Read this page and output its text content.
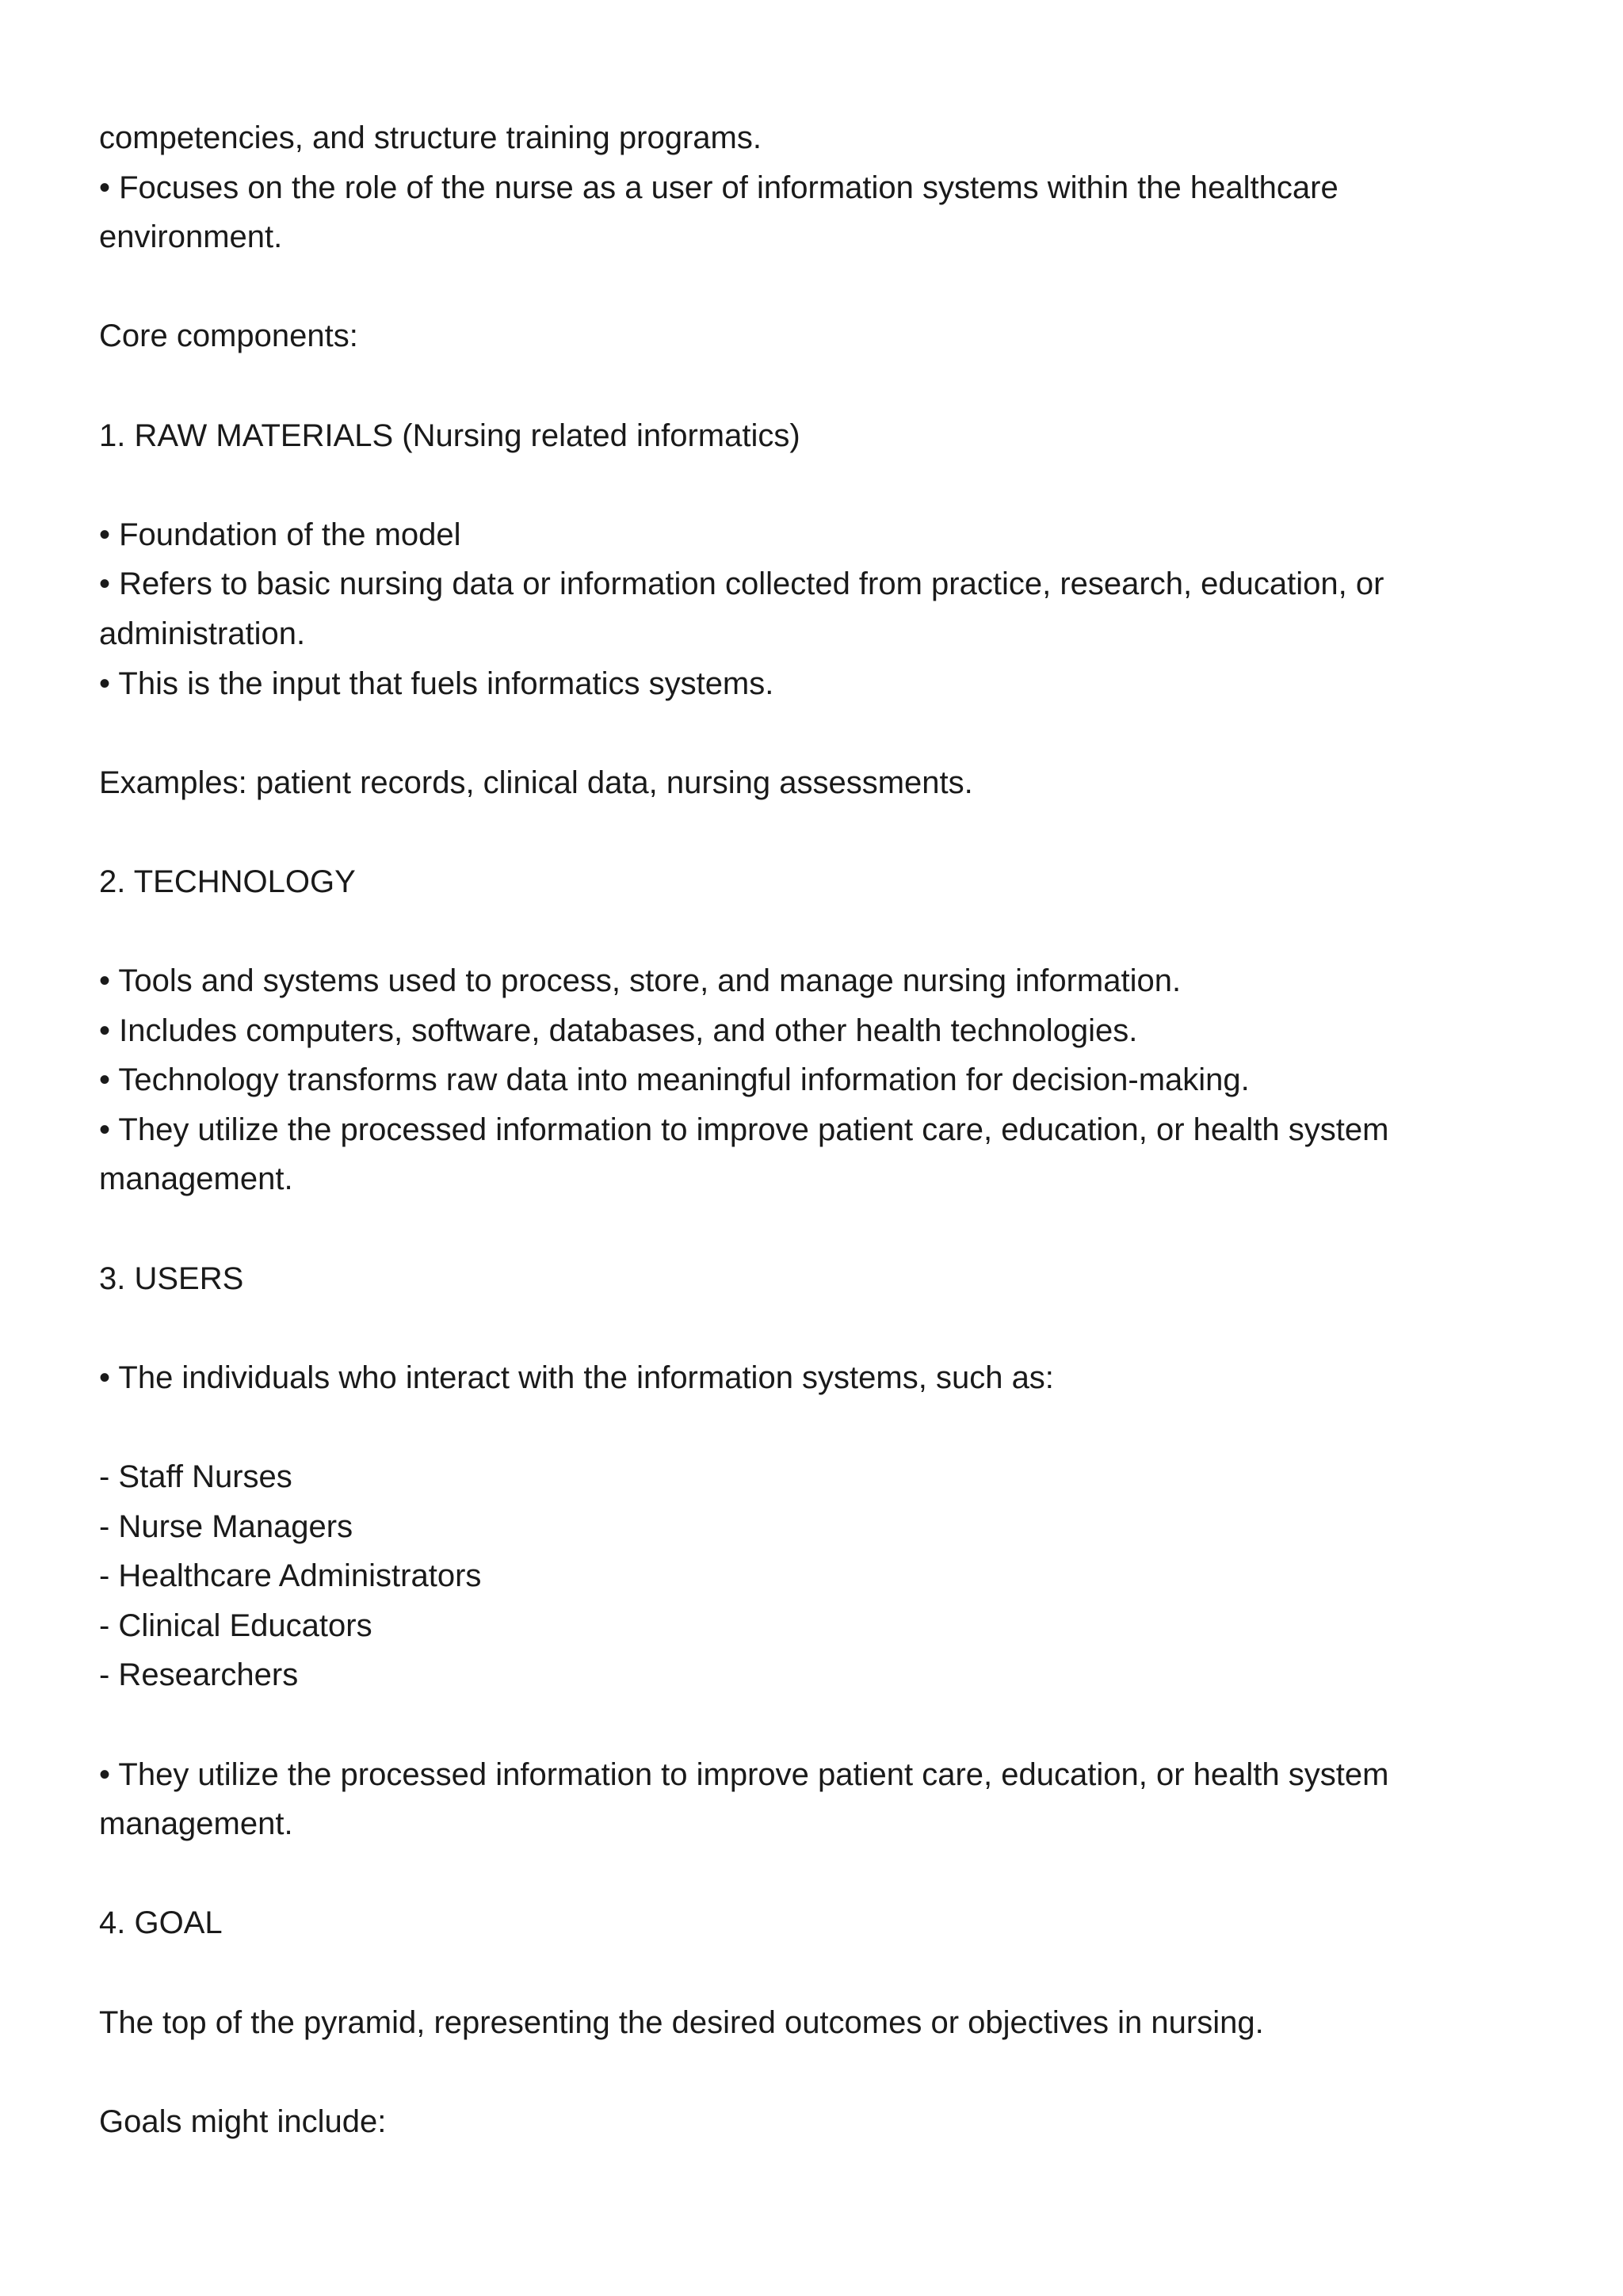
competencies, and structure training programs.
• Focuses on the role of the nurse as a user of information systems within the healthcare
environment.
Core components:
1. RAW MATERIALS (Nursing related informatics)
• Foundation of the model
• Refers to basic nursing data or information collected from practice, research, education, or
administration.
• This is the input that fuels informatics systems.
Examples: patient records, clinical data, nursing assessments.
2. TECHNOLOGY
• Tools and systems used to process, store, and manage nursing information.
• Includes computers, software, databases, and other health technologies.
• Technology transforms raw data into meaningful information for decision-making.
• They utilize the processed information to improve patient care, education, or health system
management.
3. USERS
• The individuals who interact with the information systems, such as:
- Staff Nurses
- Nurse Managers
- Healthcare Administrators
- Clinical Educators
- Researchers
• They utilize the processed information to improve patient care, education, or health system
management.
4. GOAL
The top of the pyramid, representing the desired outcomes or objectives in nursing.
Goals might include:
